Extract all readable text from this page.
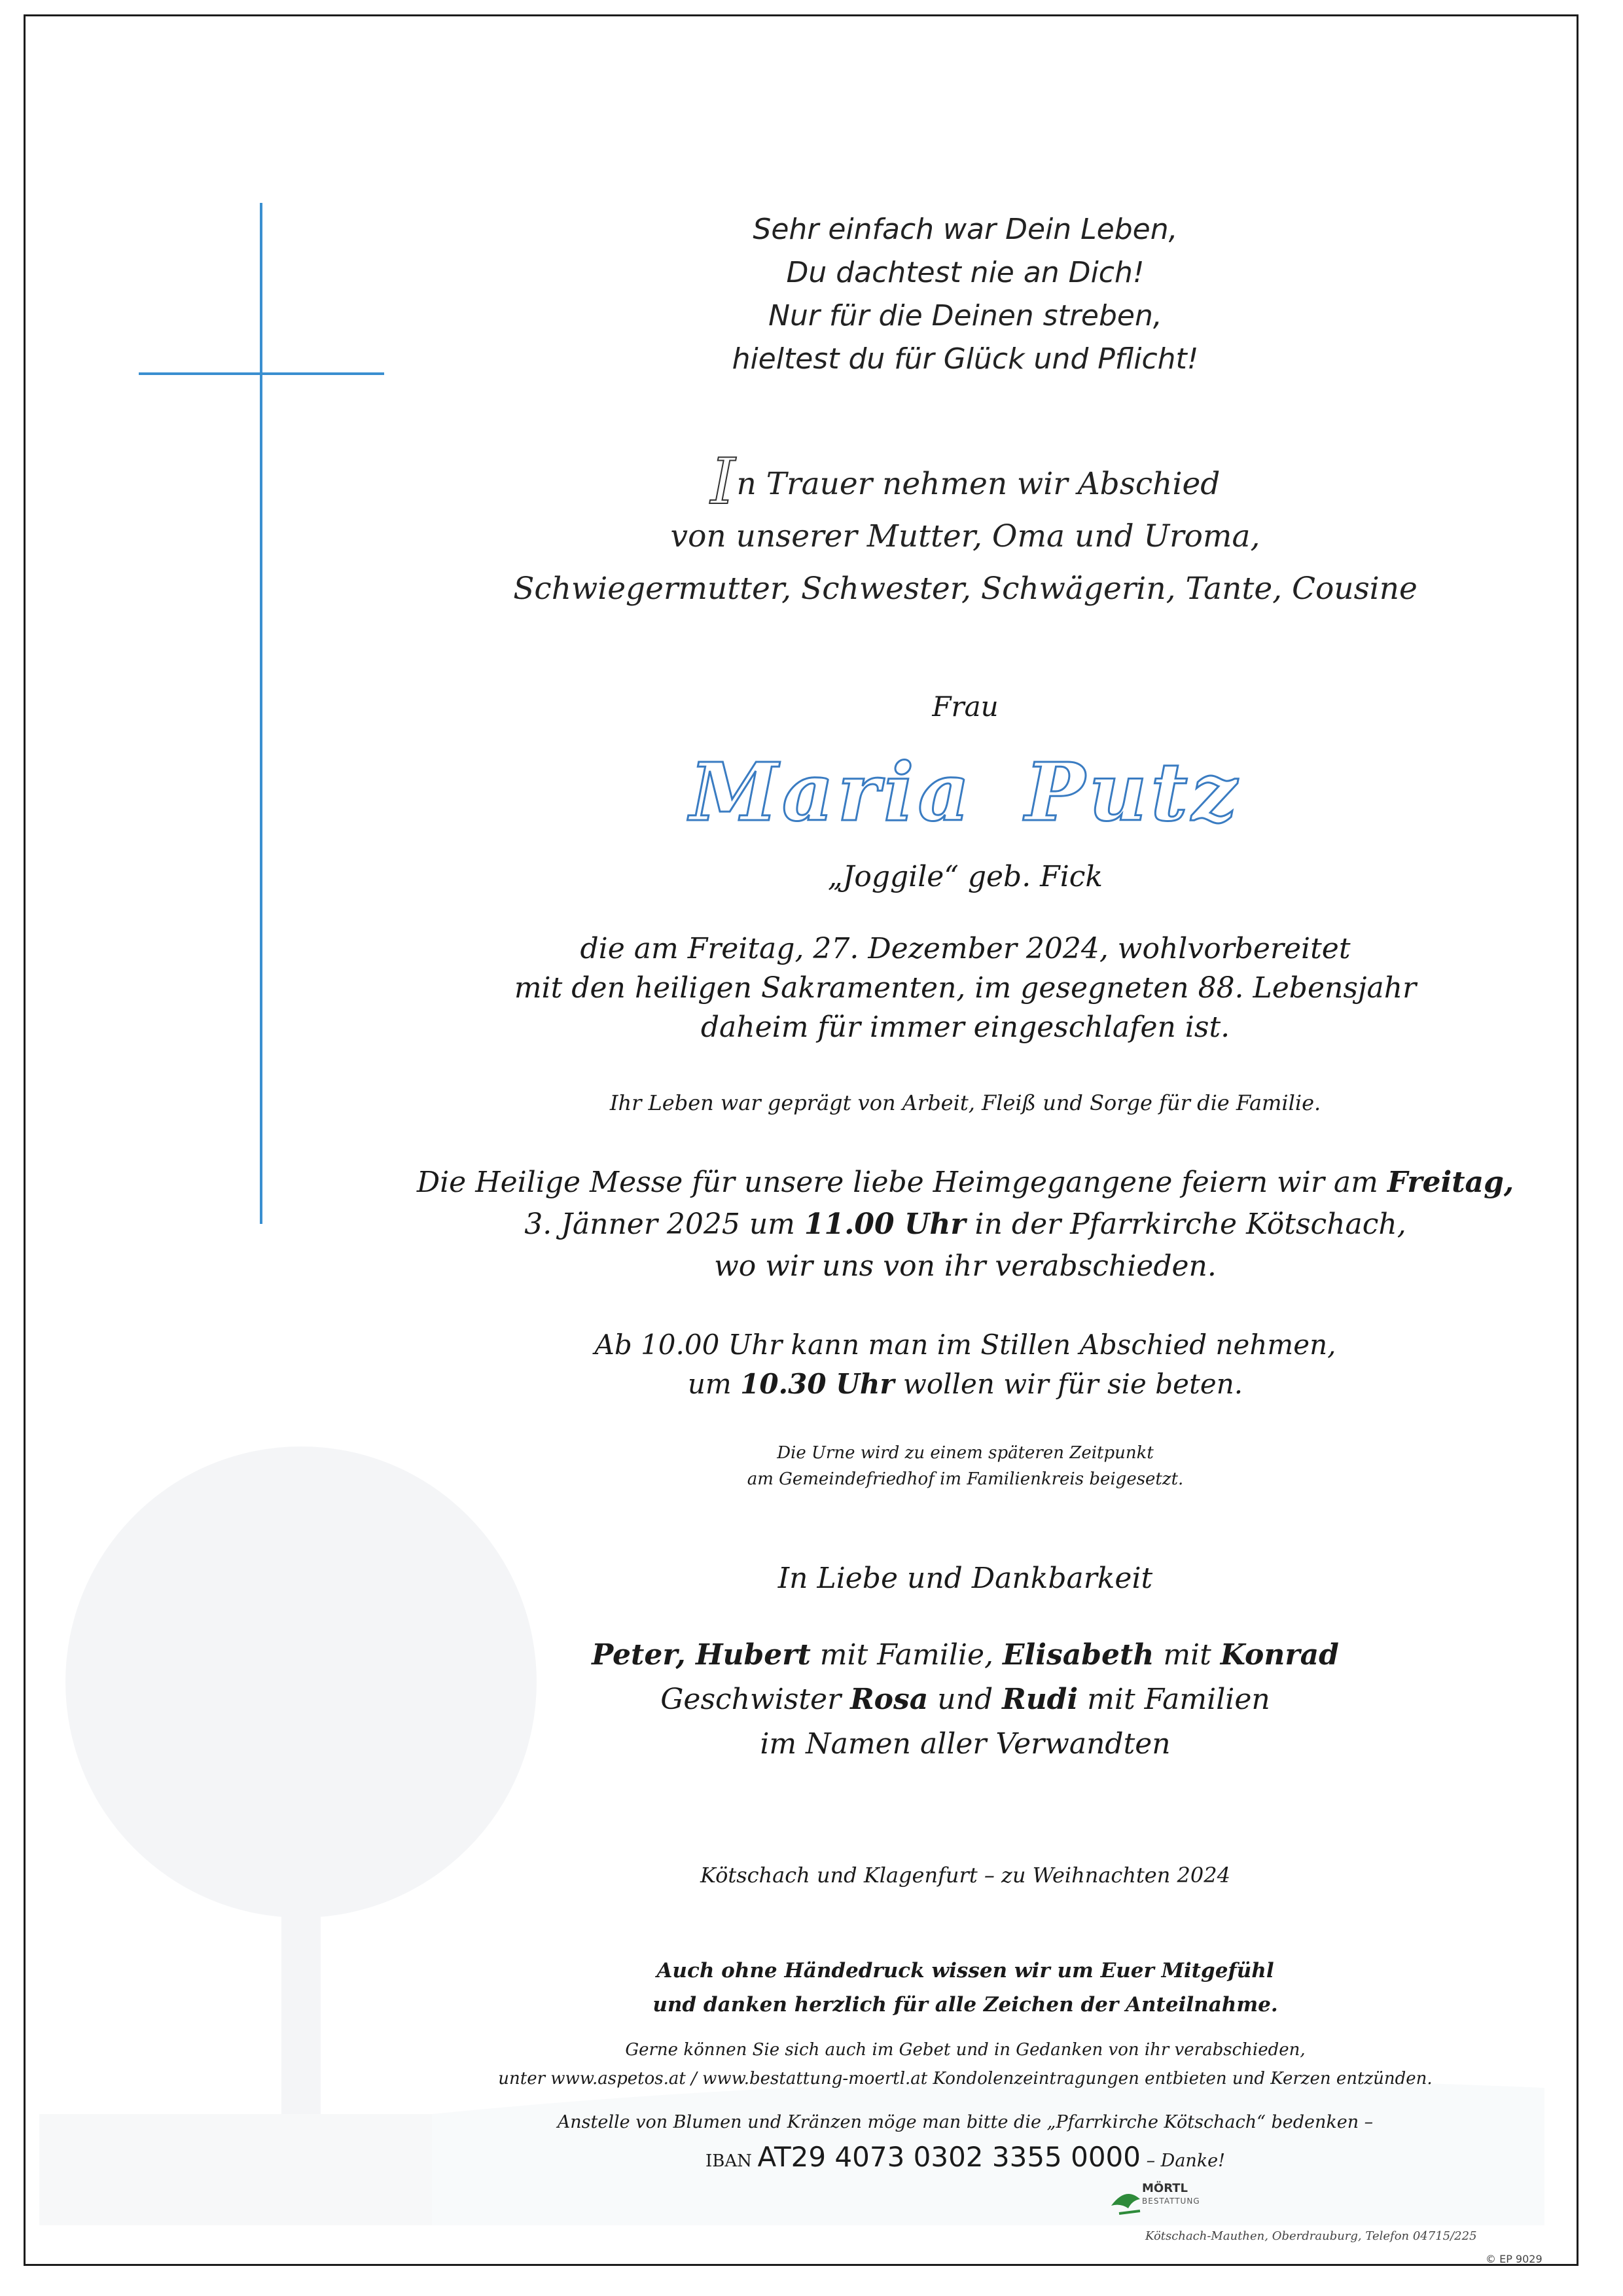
Sehr einfach war Dein Leben,
Du dachtest nie an Dich!
Nur für die Deinen streben,
hieltest du für Glück und Pflicht!
In Trauer nehmen wir Abschied
von unserer Mutter, Oma und Uroma,
Schwiegermutter, Schwester, Schwägerin, Tante, Cousine
Frau
Maria Putz
„Joggile“ geb. Fick
die am Freitag, 27. Dezember 2024, wohlvorbereitet
mit den heiligen Sakramenten, im gesegneten 88. Lebensjahr
daheim für immer eingeschlafen ist.
Ihr Leben war geprägt von Arbeit, Fleiß und Sorge für die Familie.
Die Heilige Messe für unsere liebe Heimgegangene feiern wir am Freitag,
3. Jänner 2025 um 11.00 Uhr in der Pfarrkirche Kötschach,
wo wir uns von ihr verabschieden.
Ab 10.00 Uhr kann man im Stillen Abschied nehmen,
um 10.30 Uhr wollen wir für sie beten.
Die Urne wird zu einem späteren Zeitpunkt
am Gemeindefriedhof im Familienkreis beigesetzt.
In Liebe und Dankbarkeit
Peter, Hubert mit Familie, Elisabeth mit Konrad
Geschwister Rosa und Rudi mit Familien
im Namen aller Verwandten
Kötschach und Klagenfurt – zu Weihnachten 2024
Auch ohne Händedruck wissen wir um Euer Mitgefühl
und danken herzlich für alle Zeichen der Anteilnahme.
Gerne können Sie sich auch im Gebet und in Gedanken von ihr verabschieden,
unter www.aspetos.at / www.bestattung-moertl.at Kondolenzeintragungen entbieten und Kerzen entzünden.
Anstelle von Blumen und Kränzen möge man bitte die „Pfarrkirche Kötschach“ bedenken –
IBAN AT29 4073 0302 3355 0000 – Danke!
MÖRTL
BESTATTUNG
Kötschach-Mauthen, Oberdrauburg, Telefon 04715/225
© EP 9029
